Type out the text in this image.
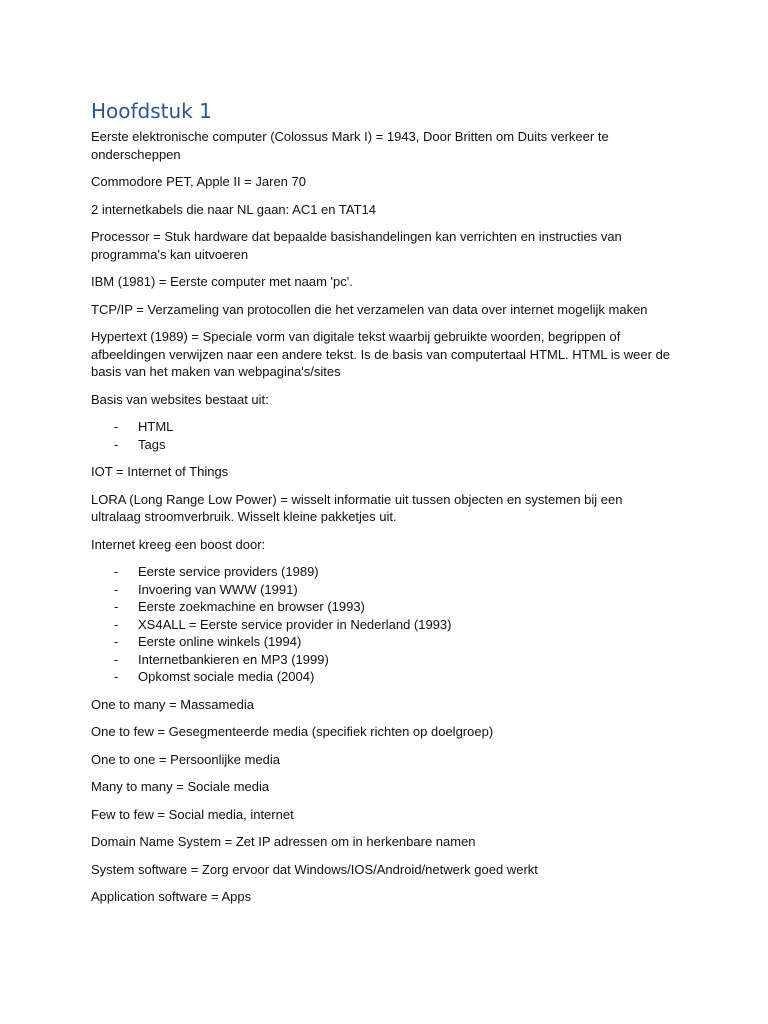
Hoofdstuk 1

Eerste elektronische computer (Colossus Mark I) = 1943, Door Britten om Duits verkeer te onderscheppen

Commodore PET, Apple II = Jaren 70

2 internetkabels die naar NL gaan: AC1 en TAT14

Processor = Stuk hardware dat bepaalde basishandelingen kan verrichten en instructies van programma's kan uitvoeren

IBM (1981) = Eerste computer met naam 'pc'.

TCP/IP = Verzameling van protocollen die het verzamelen van data over internet mogelijk maken

Hypertext (1989) = Speciale vorm van digitale tekst waarbij gebruikte woorden, begrippen of afbeeldingen verwijzen naar een andere tekst. Is de basis van computertaal HTML. HTML is weer de basis van het maken van webpagina's/sites

Basis van websites bestaat uit:

- HTML
- Tags

IOT = Internet of Things

LORA (Long Range Low Power) = wisselt informatie uit tussen objecten en systemen bij een ultralaag stroomverbruik. Wisselt kleine pakketjes uit.

Internet kreeg een boost door:

- Eerste service providers (1989)
- Invoering van WWW (1991)
- Eerste zoekmachine en browser (1993)
- XS4ALL = Eerste service provider in Nederland (1993)
- Eerste online winkels (1994)
- Internetbankieren en MP3 (1999)
- Opkomst sociale media (2004)

One to many = Massamedia

One to few = Gesegmenteerde media (specifiek richten op doelgroep)

One to one = Persoonlijke media

Many to many = Sociale media

Few to few = Social media, internet

Domain Name System = Zet IP adressen om in herkenbare namen

System software = Zorg ervoor dat Windows/IOS/Android/netwerk goed werkt

Application software = Apps
